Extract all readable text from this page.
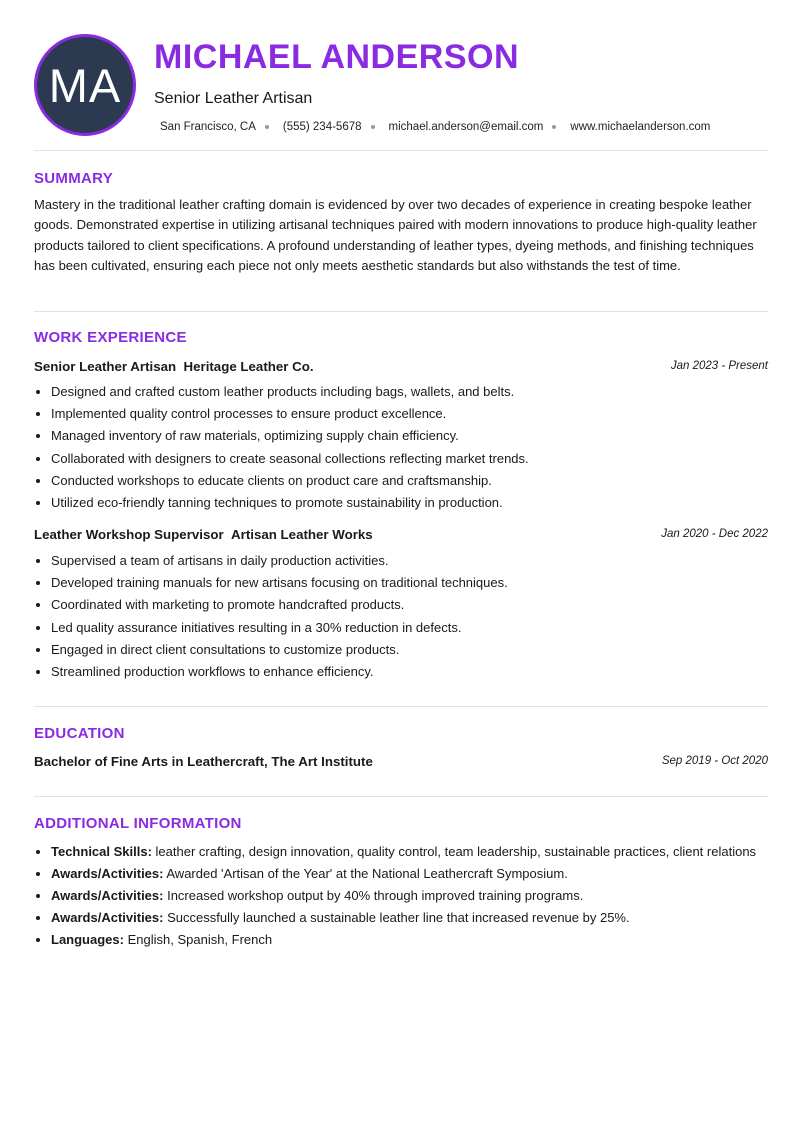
MA
MICHAEL ANDERSON
Senior Leather Artisan
San Francisco, CA (555) 234-5678 michael.anderson@email.com www.michaelanderson.com
SUMMARY
Mastery in the traditional leather crafting domain is evidenced by over two decades of experience in creating bespoke leather goods. Demonstrated expertise in utilizing artisanal techniques paired with modern innovations to produce high-quality leather products tailored to client specifications. A profound understanding of leather types, dyeing methods, and finishing techniques has been cultivated, ensuring each piece not only meets aesthetic standards but also withstands the test of time.
WORK EXPERIENCE
Senior Leather Artisan Heritage Leather Co.	Jan 2023 - Present
Designed and crafted custom leather products including bags, wallets, and belts.
Implemented quality control processes to ensure product excellence.
Managed inventory of raw materials, optimizing supply chain efficiency.
Collaborated with designers to create seasonal collections reflecting market trends.
Conducted workshops to educate clients on product care and craftsmanship.
Utilized eco-friendly tanning techniques to promote sustainability in production.
Leather Workshop Supervisor Artisan Leather Works	Jan 2020 - Dec 2022
Supervised a team of artisans in daily production activities.
Developed training manuals for new artisans focusing on traditional techniques.
Coordinated with marketing to promote handcrafted products.
Led quality assurance initiatives resulting in a 30% reduction in defects.
Engaged in direct client consultations to customize products.
Streamlined production workflows to enhance efficiency.
EDUCATION
Bachelor of Fine Arts in Leathercraft, The Art Institute	Sep 2019 - Oct 2020
ADDITIONAL INFORMATION
Technical Skills: leather crafting, design innovation, quality control, team leadership, sustainable practices, client relations
Awards/Activities: Awarded 'Artisan of the Year' at the National Leathercraft Symposium.
Awards/Activities: Increased workshop output by 40% through improved training programs.
Awards/Activities: Successfully launched a sustainable leather line that increased revenue by 25%.
Languages: English, Spanish, French
